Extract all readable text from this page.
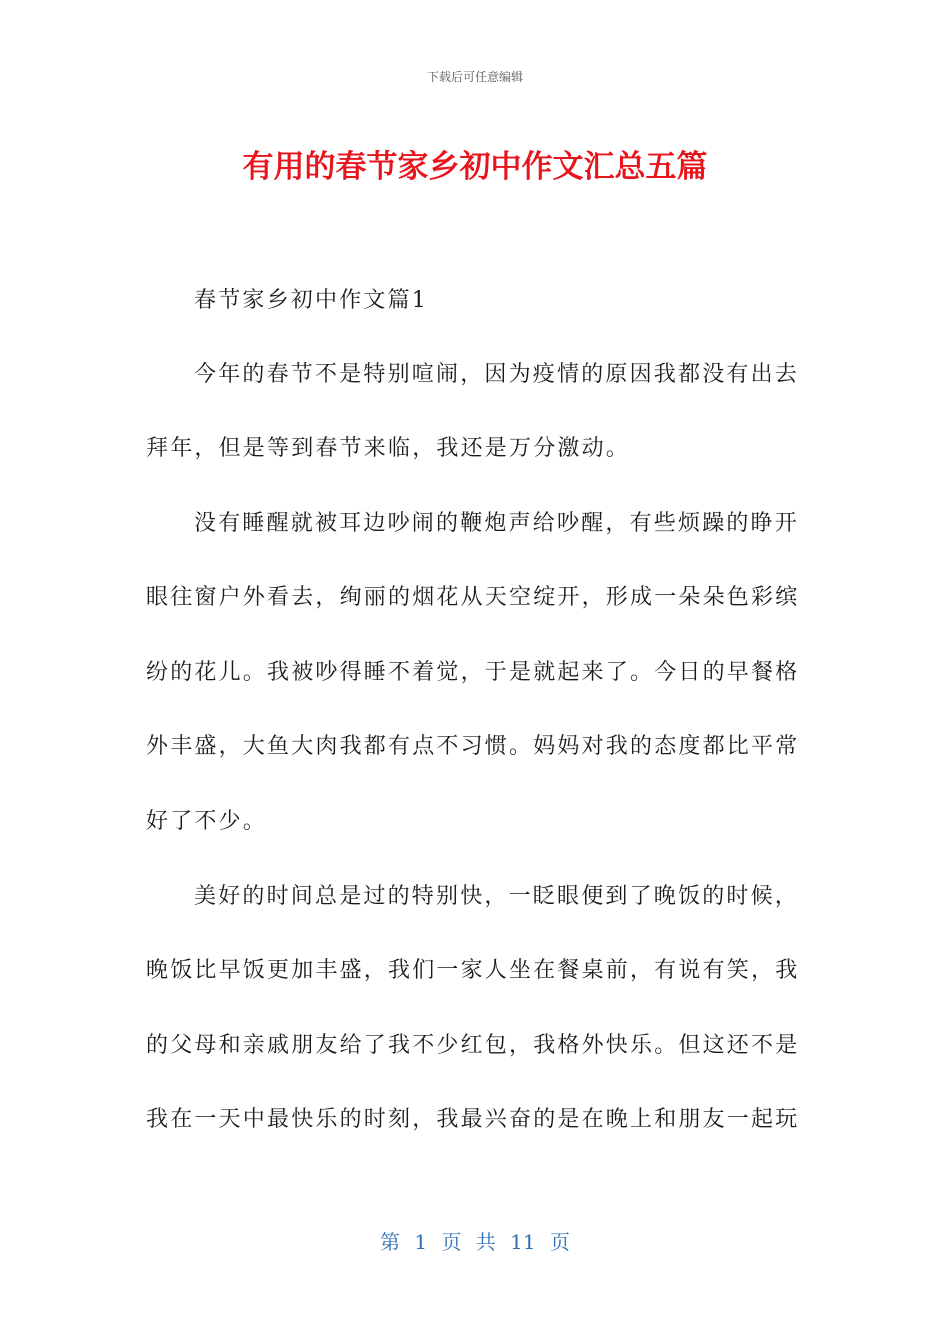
下载后可任意编辑
有用的春节家乡初中作文汇总五篇
春节家乡初中作文篇1
今年的春节不是特别喧闹，因为疫情的原因我都没有出去
拜年，但是等到春节来临，我还是万分激动。
没有睡醒就被耳边吵闹的鞭炮声给吵醒，有些烦躁的睁开
眼往窗户外看去，绚丽的烟花从天空绽开，形成一朵朵色彩缤
纷的花儿。我被吵得睡不着觉，于是就起来了。今日的早餐格
外丰盛，大鱼大肉我都有点不习惯。妈妈对我的态度都比平常
好了不少。
美好的时间总是过的特别快，一眨眼便到了晚饭的时候，
晚饭比早饭更加丰盛，我们一家人坐在餐桌前，有说有笑，我
的父母和亲戚朋友给了我不少红包，我格外快乐。但这还不是
我在一天中最快乐的时刻，我最兴奋的是在晚上和朋友一起玩
第 1 页 共 11 页
